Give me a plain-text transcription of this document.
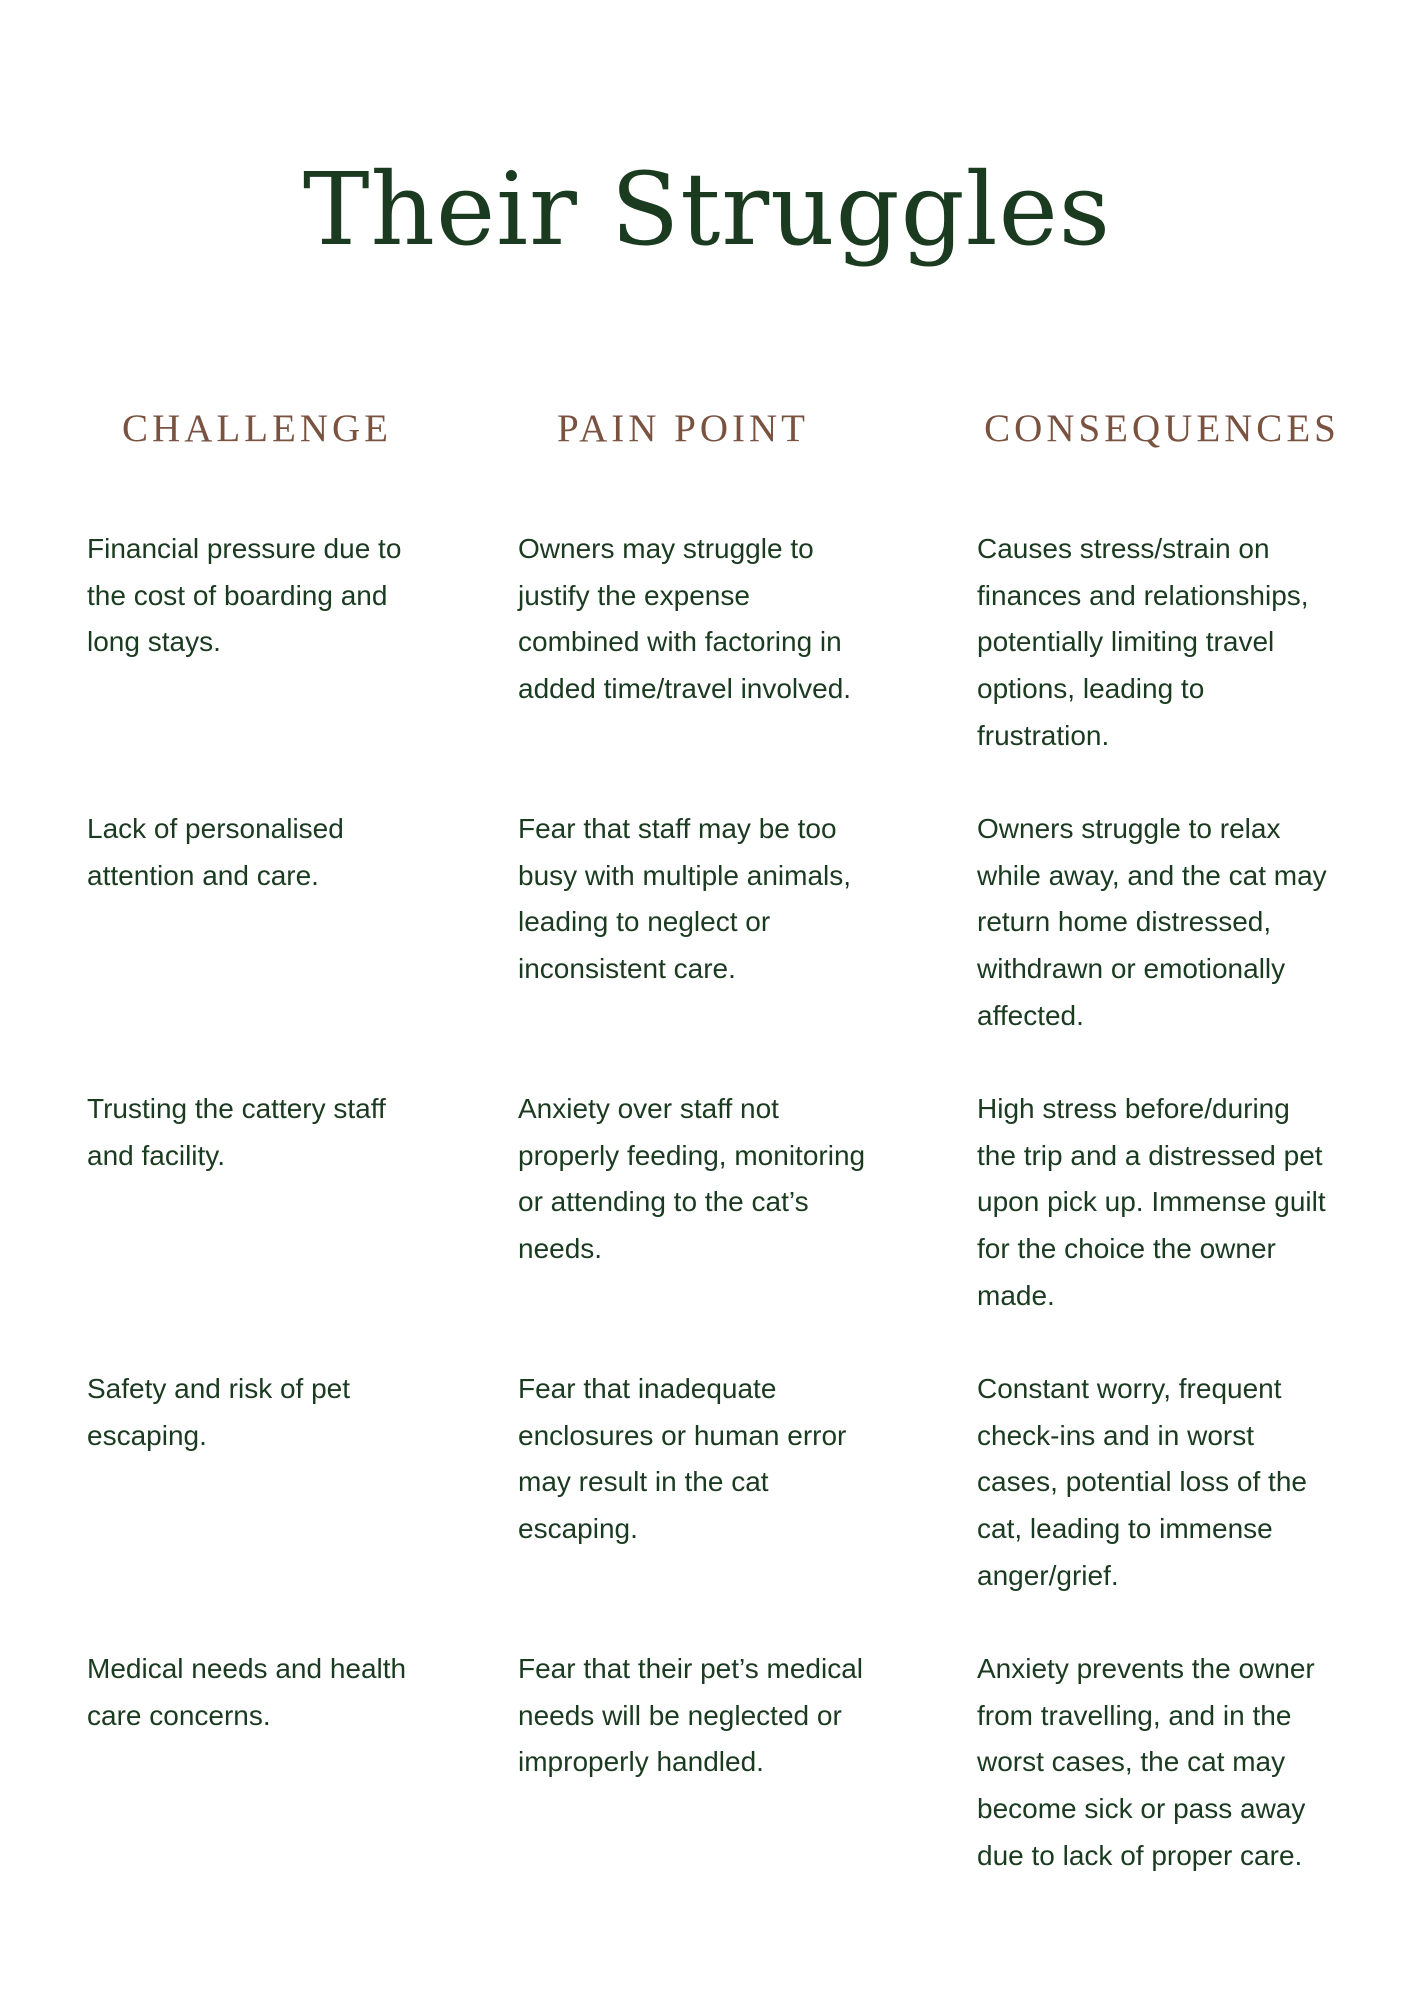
Their Struggles
CHALLENGE	PAIN POINT	CONSEQUENCES

Financial pressure due to
the cost of boarding and
long stays.

Owners may struggle to
justify the expense
combined with factoring in
added time/travel involved.

Causes stress/strain on
finances and relationships,
potentially limiting travel
options, leading to
frustration.

Lack of personalised
attention and care.

Fear that staff may be too
busy with multiple animals,
leading to neglect or
inconsistent care.

Owners struggle to relax
while away, and the cat may
return home distressed,
withdrawn or emotionally
affected.

Trusting the cattery staff
and facility.

Anxiety over staff not
properly feeding, monitoring
or attending to the cat’s
needs.

High stress before/during
the trip and a distressed pet
upon pick up. Immense guilt
for the choice the owner
made.

Safety and risk of pet
escaping.

Fear that inadequate
enclosures or human error
may result in the cat
escaping.

Constant worry, frequent
check-ins and in worst
cases, potential loss of the
cat, leading to immense
anger/grief.

Medical needs and health
care concerns.

Fear that their pet’s medical
needs will be neglected or
improperly handled.

Anxiety prevents the owner
from travelling, and in the
worst cases, the cat may
become sick or pass away
due to lack of proper care.
